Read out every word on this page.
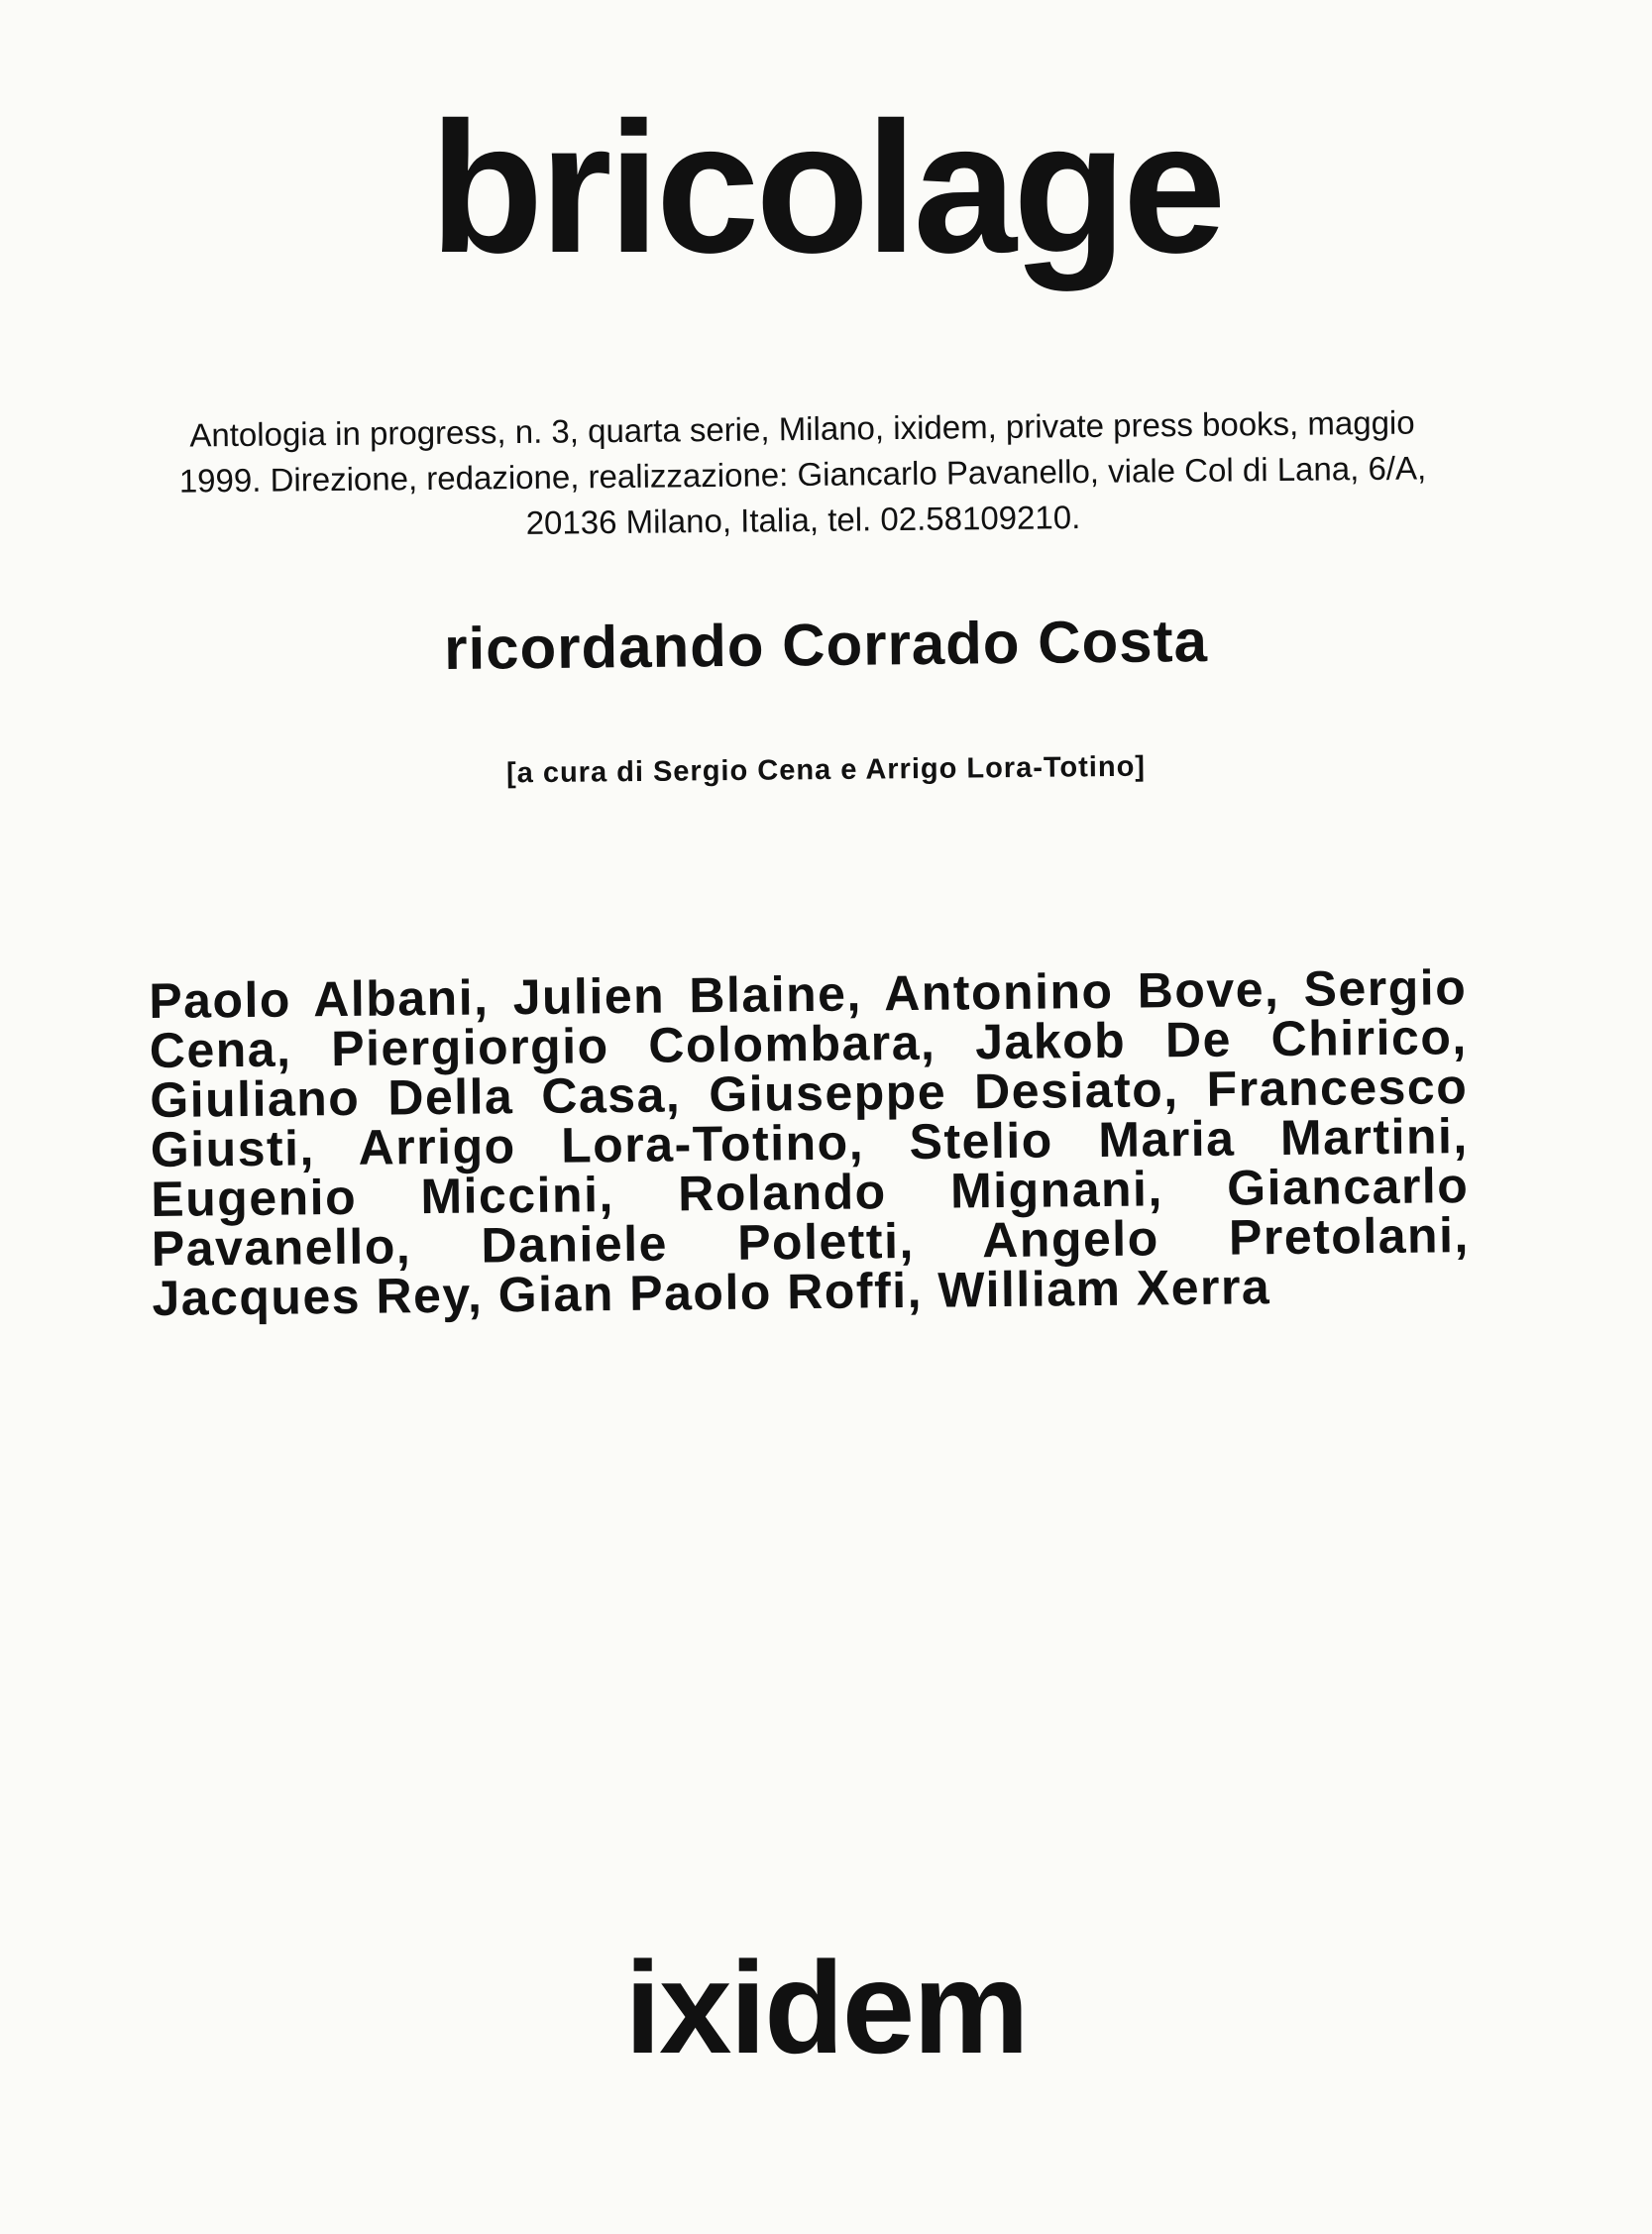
bricolage
Antologia in progress, n. 3, quarta serie, Milano, ixidem, private press books, maggio 1999. Direzione, redazione, realizzazione: Giancarlo Pavanello, viale Col di Lana, 6/A, 20136 Milano, Italia, tel. 02.58109210.
ricordando Corrado Costa
[a cura di Sergio Cena e Arrigo Lora-Totino]
Paolo Albani, Julien Blaine, Antonino Bove, Sergio Cena, Piergiorgio Colombara, Jakob De Chirico, Giuliano Della Casa, Giuseppe Desiato, Francesco Giusti, Arrigo Lora-Totino, Stelio Maria Martini, Eugenio Miccini, Rolando Mignani, Giancarlo Pavanello, Daniele Poletti, Angelo Pretolani, Jacques Rey, Gian Paolo Roffi, William Xerra
ixidem
